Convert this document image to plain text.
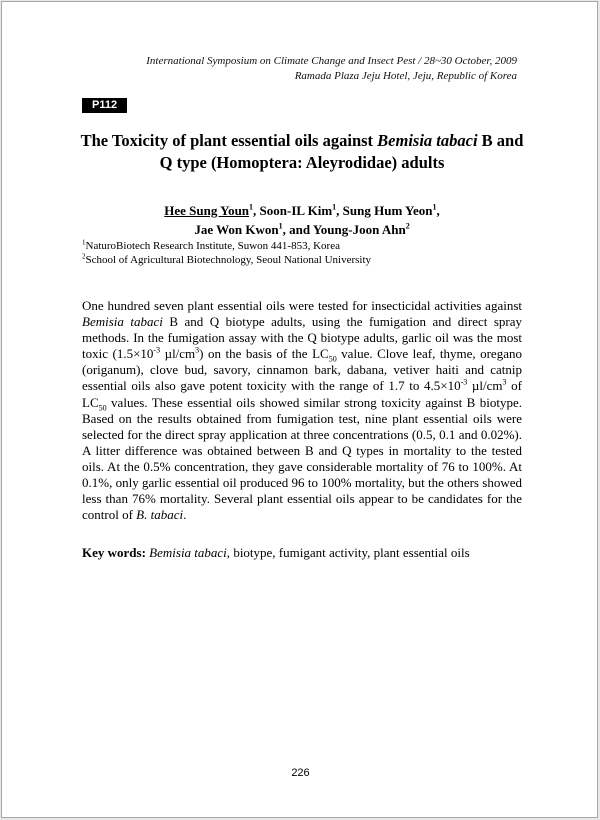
International Symposium on Climate Change and Insect Pest / 28~30 October, 2009
Ramada Plaza Jeju Hotel, Jeju, Republic of Korea
P112
The Toxicity of plant essential oils against Bemisia tabaci B and
Q type (Homoptera: Aleyrodidae) adults
Hee Sung Youn$^1$, Soon-IL Kim$^1$, Sung Hum Yeon$^1$,
Jae Won Kwon$^1$, and Young-Joon Ahn$^2$
$^1$NaturoBiotech Research Institute, Suwon 441-853, Korea
$^2$School of Agricultural Biotechnology, Seoul National University
One hundred seven plant essential oils were tested for insecticidal activities against Bemisia tabaci B and Q biotype adults, using the fumigation and direct spray methods. In the fumigation assay with the Q biotype adults, garlic oil was the most toxic ($1.5\times 10^{-3}$ $\mu l/cm^3$) on the basis of the $LC_{50}$ value. Clove leaf, thyme, oregano (origanum), clove bud, savory, cinnamon bark, dabana, vetiver haiti and catnip essential oils also gave potent toxicity with the range of 1.7 to $4.5\times 10^{-3}$ $\mu l/cm^3$ of $LC_{50}$ values. These essential oils showed similar strong toxicity against B biotype. Based on the results obtained from fumigation test, nine plant essential oils were selected for the direct spray application at three concentrations (0.5, 0.1 and 0.02%). A litter difference was obtained between B and Q types in mortality to the tested oils. At the 0.5% concentration, they gave considerable mortality of 76 to 100%. At 0.1%, only garlic essential oil produced 96 to 100% mortality, but the others showed less than 76% mortality. Several plant essential oils appear to be candidates for the control of B. tabaci.
Key words: Bemisia tabaci, biotype, fumigant activity, plant essential oils
226
